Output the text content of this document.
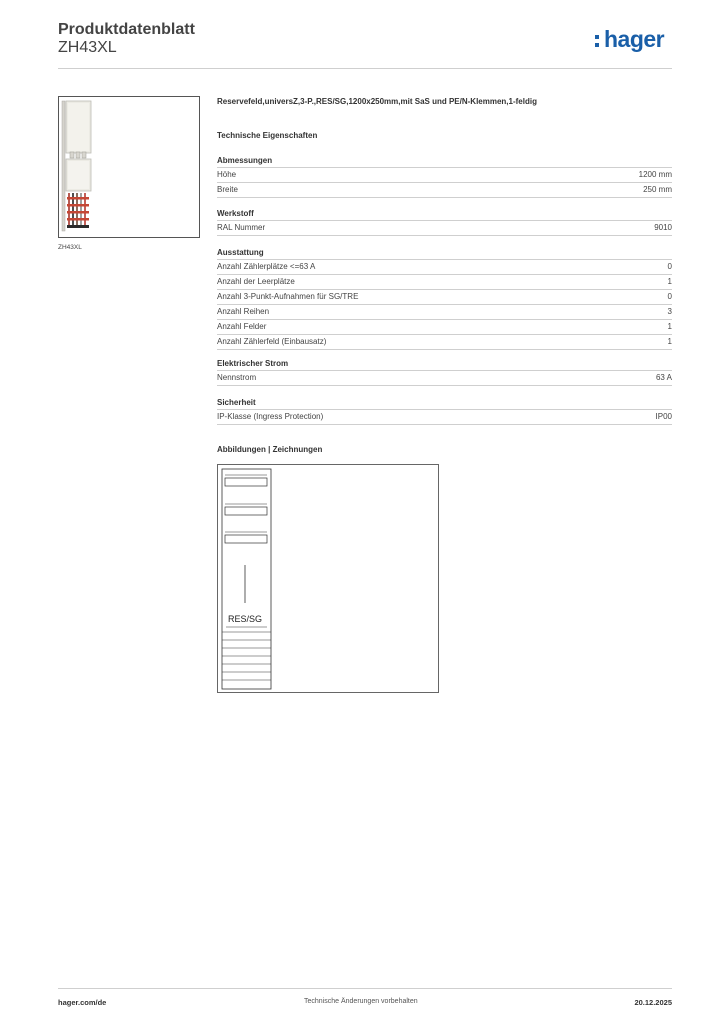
Produktdatenblatt
ZH43XL	hager
ZH43XL
Reservefeld,universZ,3-P.,RES/SG,1200x250mm,mit SaS und PE/N-Klemmen,1-feldig
Technische Eigenschaften
Abmessungen
Höhe	1200 mm
Breite	250 mm
Werkstoff
RAL Nummer	9010
Ausstattung
Anzahl Zählerplätze <=63 A	0
Anzahl der Leerplätze	1
Anzahl 3-Punkt-Aufnahmen für SG/TRE	0
Anzahl Reihen	3
Anzahl Felder	1
Anzahl Zählerfeld (Einbausatz)	1
Elektrischer Strom
Nennstrom	63 A
Sicherheit
IP-Klasse (Ingress Protection)	IP00
Abbildungen | Zeichnungen
RES/SG
hager.com/de	Technische Änderungen vorbehalten	20.12.2025
